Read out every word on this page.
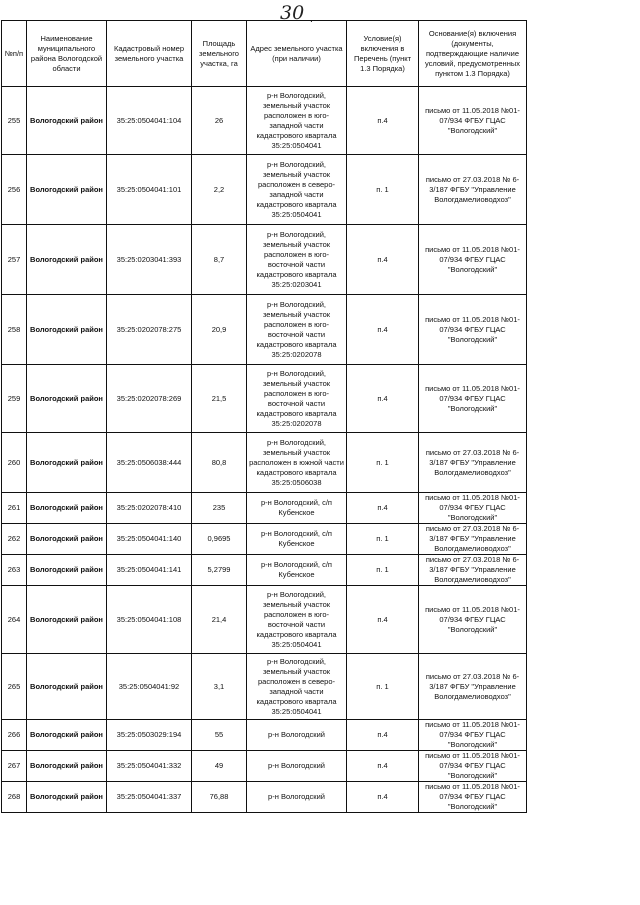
30 .
№п/п	Наименование муниципального района Вологодской области	Кадастровый номер земельного участка	Площадь земельного участка, га	Адрес земельного участка (при наличии)	Условие(я) включения в Перечень (пункт 1.3 Порядка)	Основание(я) включения (документы, подтверждающие наличие условий, предусмотренных пунктом 1.3 Порядка)
255	Вологодский район	35:25:0504041:104	26	р-н Вологодский, земельный участок расположен в юго-западной части кадастрового квартала 35:25:0504041	п.4	письмо от 11.05.2018 №01-07/934 ФГБУ ГЦАС "Вологодский"
256	Вологодский район	35:25:0504041:101	2,2	р-н Вологодский, земельный участок расположен в северо-западной части кадастрового квартала 35:25:0504041	п. 1	письмо от 27.03.2018 № 6-3/187 ФГБУ "Управление Вологдамелиоводхоз"
257	Вологодский район	35:25:0203041:393	8,7	р-н Вологодский, земельный участок расположен в юго-восточной части кадастрового квартала 35:25:0203041	п.4	письмо от 11.05.2018 №01-07/934 ФГБУ ГЦАС "Вологодский"
258	Вологодский район	35:25:0202078:275	20,9	р-н Вологодский, земельный участок расположен в юго-восточной части кадастрового квартала 35:25:0202078	п.4	письмо от 11.05.2018 №01-07/934 ФГБУ ГЦАС "Вологодский"
259	Вологодский район	35:25:0202078:269	21,5	р-н Вологодский, земельный участок расположен в юго-восточной части кадастрового квартала 35:25:0202078	п.4	письмо от 11.05.2018 №01-07/934 ФГБУ ГЦАС "Вологодский"
260	Вологодский район	35:25:0506038:444	80,8	р-н Вологодский, земельный участок расположен в южной части кадастрового квартала 35:25:0506038	п. 1	письмо от 27.03.2018 № 6-3/187 ФГБУ "Управление Вологдамелиоводхоз"
261	Вологодский район	35:25:0202078:410	235	р-н Вологодский, с/п Кубенское	п.4	письмо от 11.05.2018 №01-07/934 ФГБУ ГЦАС "Вологодский"
262	Вологодский район	35:25:0504041:140	0,9695	р-н Вологодский, с/п Кубенское	п. 1	письмо от 27.03.2018 № 6-3/187 ФГБУ "Управление Вологдамелиоводхоз"
263	Вологодский район	35:25:0504041:141	5,2799	р-н Вологодский, с/п Кубенское	п. 1	письмо от 27.03.2018 № 6-3/187 ФГБУ "Управление Вологдамелиоводхоз"
264	Вологодский район	35:25:0504041:108	21,4	р-н Вологодский, земельный участок расположен в юго-восточной части кадастрового квартала 35:25:0504041	п.4	письмо от 11.05.2018 №01-07/934 ФГБУ ГЦАС "Вологодский"
265	Вологодский район	35:25:0504041:92	3,1	р-н Вологодский, земельный участок расположен в северо-западной части кадастрового квартала 35:25:0504041	п. 1	письмо от 27.03.2018 № 6-3/187 ФГБУ "Управление Вологдамелиоводхоз"
266	Вологодский район	35:25:0503029:194	55	р-н Вологодский	п.4	письмо от 11.05.2018 №01-07/934 ФГБУ ГЦАС "Вологодский"
267	Вологодский район	35:25:0504041:332	49	р-н Вологодский	п.4	письмо от 11.05.2018 №01-07/934 ФГБУ ГЦАС "Вологодский"
268	Вологодский район	35:25:0504041:337	76,88	р-н Вологодский	п.4	письмо от 11.05.2018 №01-07/934 ФГБУ ГЦАС "Вологодский"
